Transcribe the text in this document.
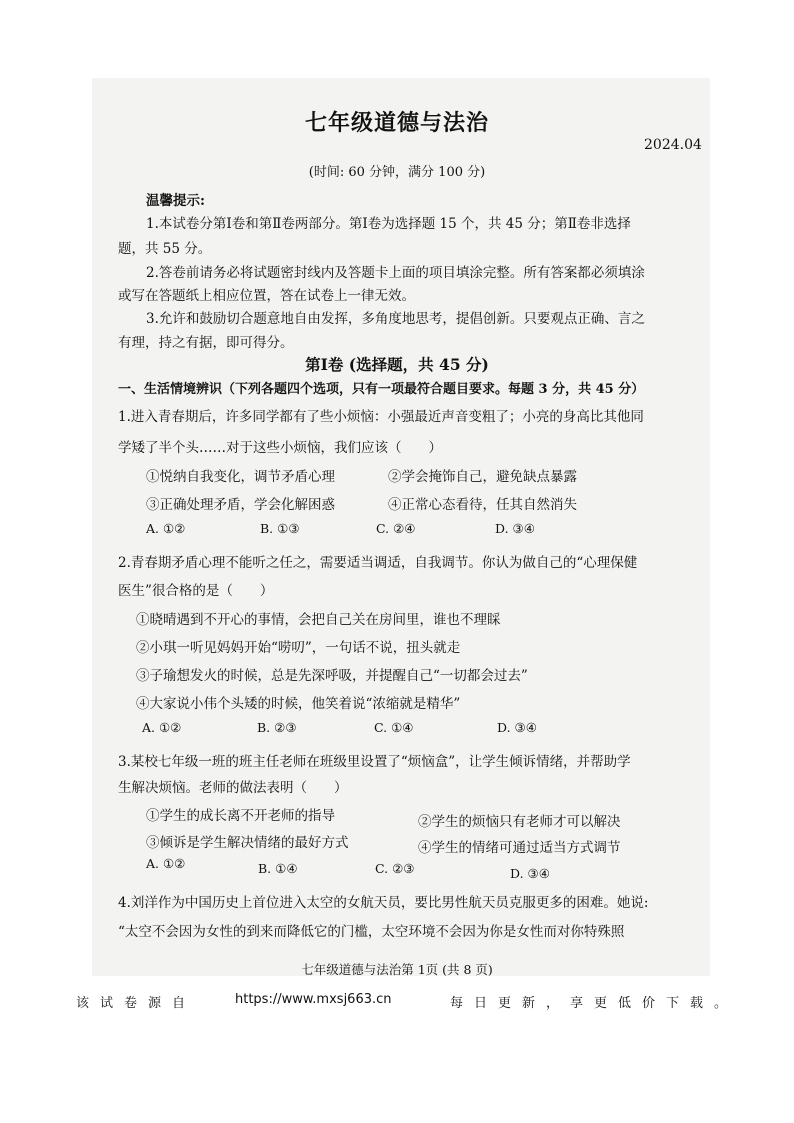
七年级道德与法治
2024.04
(时间: 60 分钟，满分 100 分)
温馨提示:
1.本试卷分第Ⅰ卷和第Ⅱ卷两部分。第Ⅰ卷为选择题 15 个，共 45 分；第Ⅱ卷非选择
题，共 55 分。
2.答卷前请务必将试题密封线内及答题卡上面的项目填涂完整。所有答案都必须填涂
或写在答题纸上相应位置，答在试卷上一律无效。
3.允许和鼓励切合题意地自由发挥，多角度地思考，提倡创新。只要观点正确、言之
有理，持之有据，即可得分。
第Ⅰ卷 (选择题，共 45 分)
一、生活情境辨识（下列各题四个选项，只有一项最符合题目要求。每题 3 分，共 45 分）
1.进入青春期后，许多同学都有了些小烦恼：小强最近声音变粗了；小亮的身高比其他同
学矮了半个头……对于这些小烦恼，我们应该（　　）
①悦纳自我变化，调节矛盾心理	②学会掩饰自己，避免缺点暴露
③正确处理矛盾，学会化解困惑	④正常心态看待，任其自然消失
A. ①②	B. ①③	C. ②④	D. ③④
2.青春期矛盾心理不能听之任之，需要适当调适，自我调节。你认为做自己的“心理保健
医生”很合格的是（　　）
①晓晴遇到不开心的事情，会把自己关在房间里，谁也不理睬
②小琪一听见妈妈开始“唠叨”，一句话不说，扭头就走
③子瑜想发火的时候，总是先深呼吸，并提醒自己“一切都会过去”
④大家说小伟个头矮的时候，他笑着说“浓缩就是精华”
A. ①②	B. ②③	C. ①④	D. ③④
3.某校七年级一班的班主任老师在班级里设置了“烦恼盒”，让学生倾诉情绪，并帮助学
生解决烦恼。老师的做法表明（　　）
①学生的成长离不开老师的指导	②学生的烦恼只有老师才可以解决
③倾诉是学生解决情绪的最好方式	④学生的情绪可通过适当方式调节
A. ①②	B. ①④	C. ②③	D. ③④
4.刘洋作为中国历史上首位进入太空的女航天员，要比男性航天员克服更多的困难。她说:
“太空不会因为女性的到来而降低它的门槛，太空环境不会因为你是女性而对你特殊照
七年级道德与法治第 1页 (共 8 页)
该试卷源自	https://www.mxsj663.cn	每日更新，享更低价下载。
